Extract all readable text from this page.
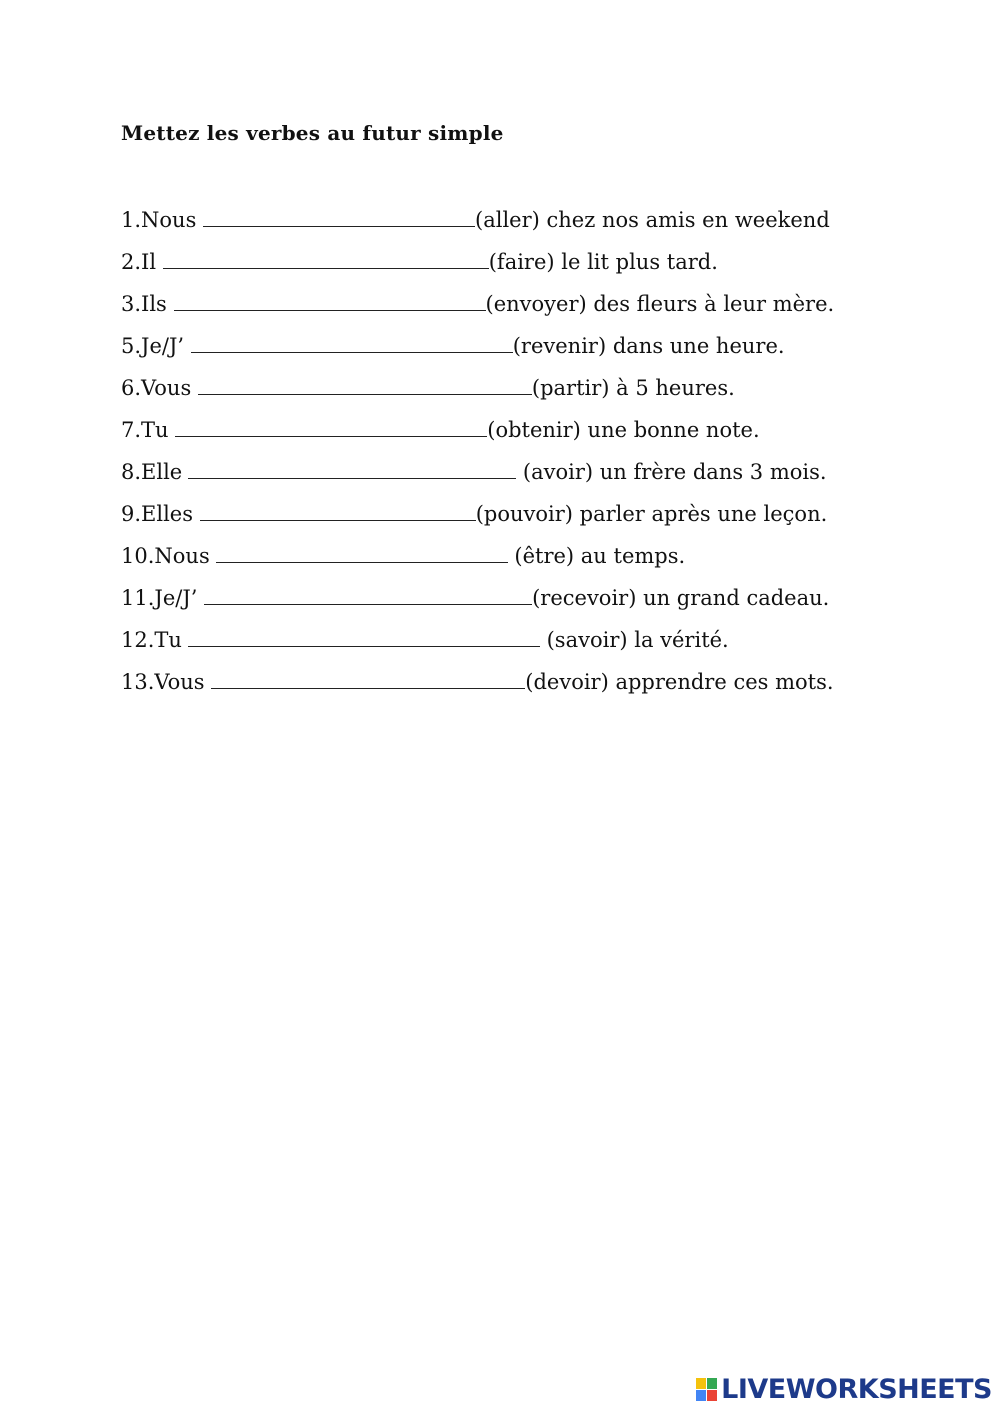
Mettez les verbes au futur simple
1.Nous	(aller) chez nos amis en weekend
2.Il	(faire) le lit plus tard.
3.Ils	(envoyer) des fleurs à leur mère.
5.Je/J’	(revenir) dans une heure.
6.Vous	(partir) à 5 heures.
7.Tu	(obtenir) une bonne note.
8.Elle	(avoir) un frère dans 3 mois.
9.Elles	(pouvoir) parler après une leçon.
10.Nous	(être) au temps.
11.Je/J’	(recevoir) un grand cadeau.
12.Tu	(savoir) la vérité.
13.Vous	(devoir) apprendre ces mots.
LIVEWORKSHEETS
